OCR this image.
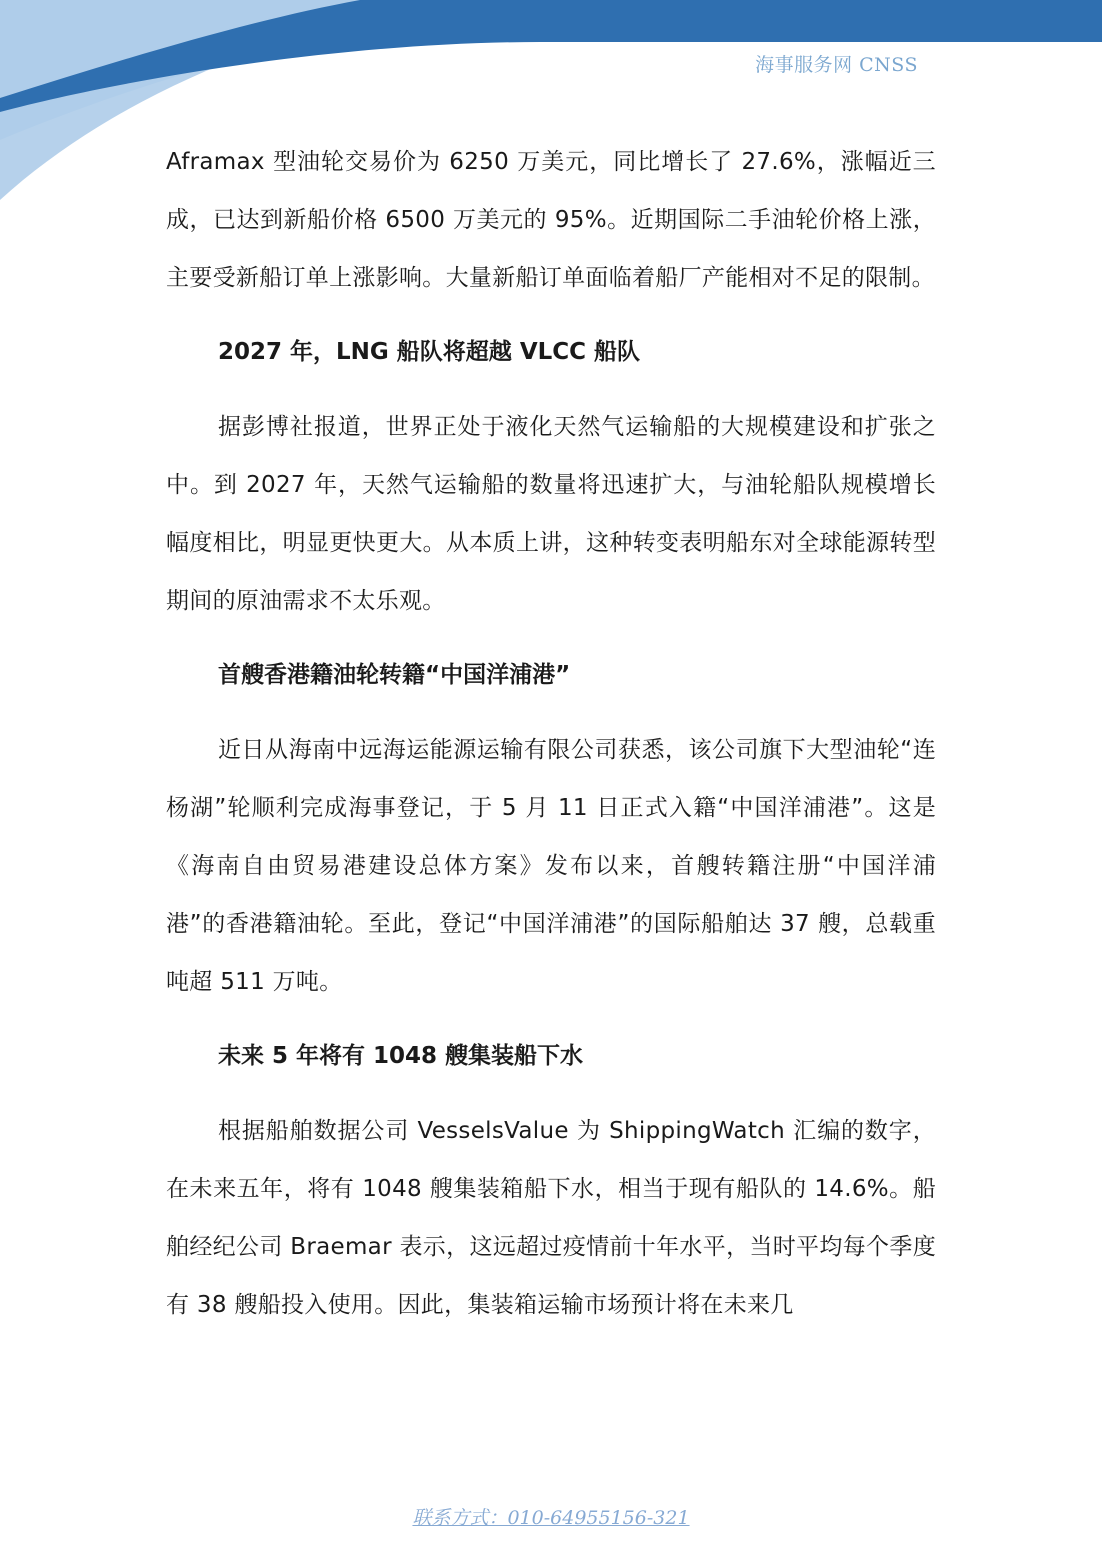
海事服务网 CNSS

Aframax 型油轮交易价为 6250 万美元，同比增长了 27.6%，涨幅近三成，已达到新船价格 6500 万美元的 95%。近期国际二手油轮价格上涨，主要受新船订单上涨影响。大量新船订单面临着船厂产能相对不足的限制。

2027 年，LNG 船队将超越 VLCC 船队

据彭博社报道，世界正处于液化天然气运输船的大规模建设和扩张之中。到 2027 年，天然气运输船的数量将迅速扩大，与油轮船队规模增长幅度相比，明显更快更大。从本质上讲，这种转变表明船东对全球能源转型期间的原油需求不太乐观。

首艘香港籍油轮转籍“中国洋浦港”

近日从海南中远海运能源运输有限公司获悉，该公司旗下大型油轮“连杨湖”轮顺利完成海事登记，于 5 月 11 日正式入籍“中国洋浦港”。这是《海南自由贸易港建设总体方案》发布以来，首艘转籍注册“中国洋浦港”的香港籍油轮。至此，登记“中国洋浦港”的国际船舶达 37 艘，总载重吨超 511 万吨。

未来 5 年将有 1048 艘集装船下水

根据船舶数据公司 VesselsValue 为 ShippingWatch 汇编的数字，在未来五年，将有 1048 艘集装箱船下水，相当于现有船队的 14.6%。船舶经纪公司 Braemar 表示，这远超过疫情前十年水平，当时平均每个季度有 38 艘船投入使用。因此，集装箱运输市场预计将在未来几

联系方式：010-64955156-321
